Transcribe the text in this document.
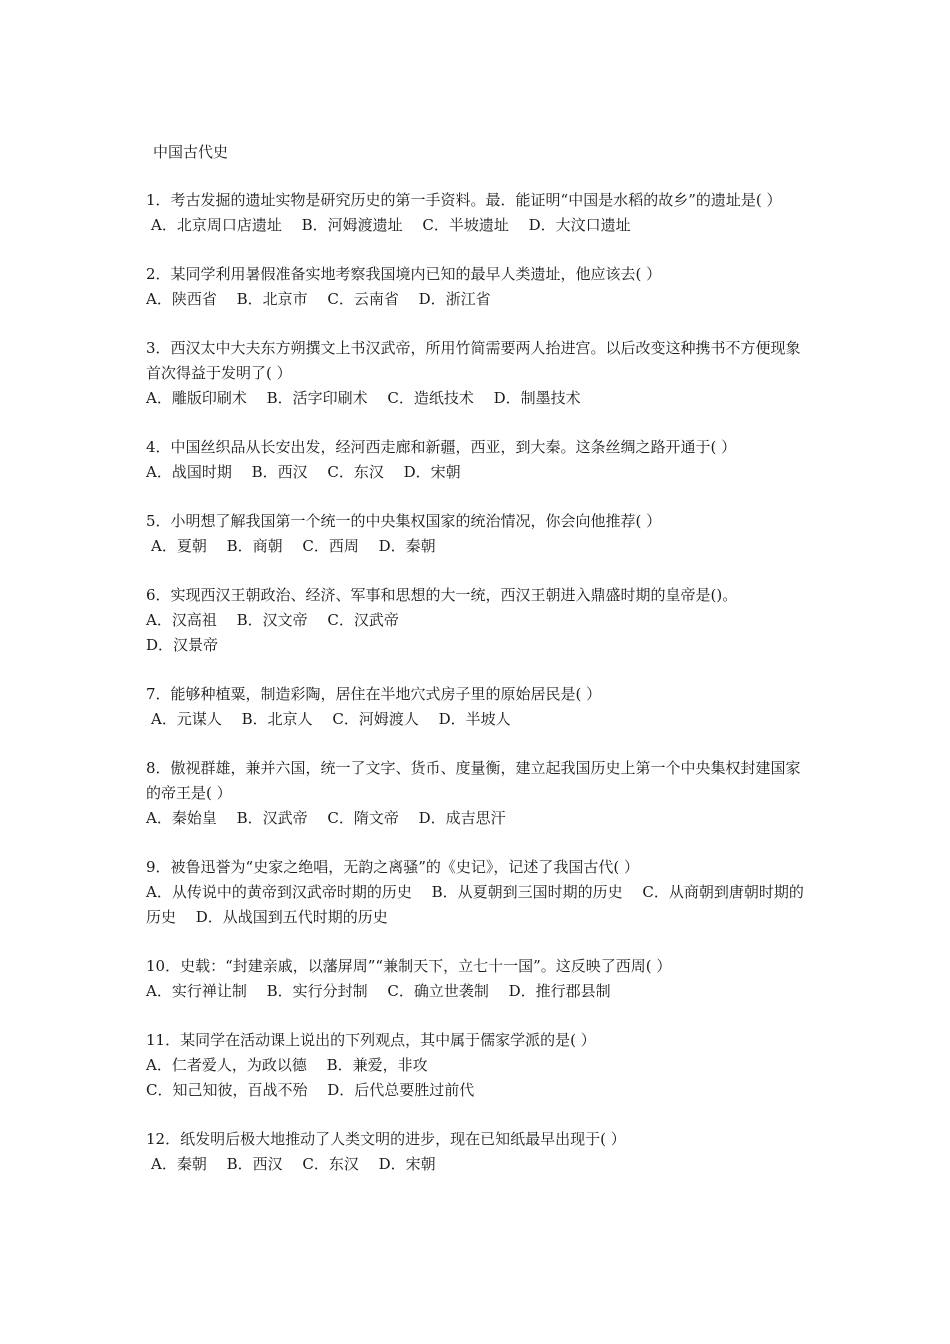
中国古代史

1．考古发掘的遗址实物是研究历史的第一手资料。最．能证明“中国是水稻的故乡”的遗址是( ）

A．北京周口店遗址　 B．河姆渡遗址　 C．半坡遗址　 D．大汶口遗址

2．某同学利用暑假准备实地考察我国境内已知的最早人类遗址，他应该去( ）

A．陕西省　 B．北京市　 C．云南省　 D．浙江省

3．西汉太中大夫东方朔撰文上书汉武帝，所用竹简需要两人抬进宫。以后改变这种携书不方便现象首次得益于发明了( ）

A．雕版印刷术　 B．活字印刷术　 C．造纸技术　 D．制墨技术

4．中国丝织品从长安出发，经河西走廊和新疆，西亚，到大秦。这条丝绸之路开通于( ）

A．战国时期　 B．西汉　 C．东汉　 D．宋朝

5．小明想了解我国第一个统一的中央集权国家的统治情况，你会向他推荐( ）

A．夏朝　 B．商朝　 C．西周　 D．秦朝

6．实现西汉王朝政治、经济、军事和思想的大一统，西汉王朝进入鼎盛时期的皇帝是()。

A．汉高祖　 B．汉文帝　 C．汉武帝

D．汉景帝

7．能够种植粟，制造彩陶，居住在半地穴式房子里的原始居民是( ）

A．元谋人　 B．北京人　 C．河姆渡人　 D．半坡人

8．傲视群雄，兼并六国，统一了文字、货币、度量衡，建立起我国历史上第一个中央集权封建国家的帝王是( ）

A．秦始皇　 B．汉武帝　 C．隋文帝　 D．成吉思汗

9．被鲁迅誉为“史家之绝唱，无韵之离骚”的《史记》，记述了我国古代( ）

A．从传说中的黄帝到汉武帝时期的历史　 B．从夏朝到三国时期的历史　 C．从商朝到唐朝时期的历史　 D．从战国到五代时期的历史

10．史载：“封建亲戚，以藩屏周”“兼制天下，立七十一国”。这反映了西周( ）

A．实行禅让制　 B．实行分封制　 C．确立世袭制　 D．推行郡县制

11．某同学在活动课上说出的下列观点，其中属于儒家学派的是( ）

A．仁者爱人，为政以德　 B．兼爱，非攻

C．知己知彼，百战不殆　 D．后代总要胜过前代

12．纸发明后极大地推动了人类文明的进步，现在已知纸最早出现于( ）

A．秦朝　 B．西汉　 C．东汉　 D．宋朝
